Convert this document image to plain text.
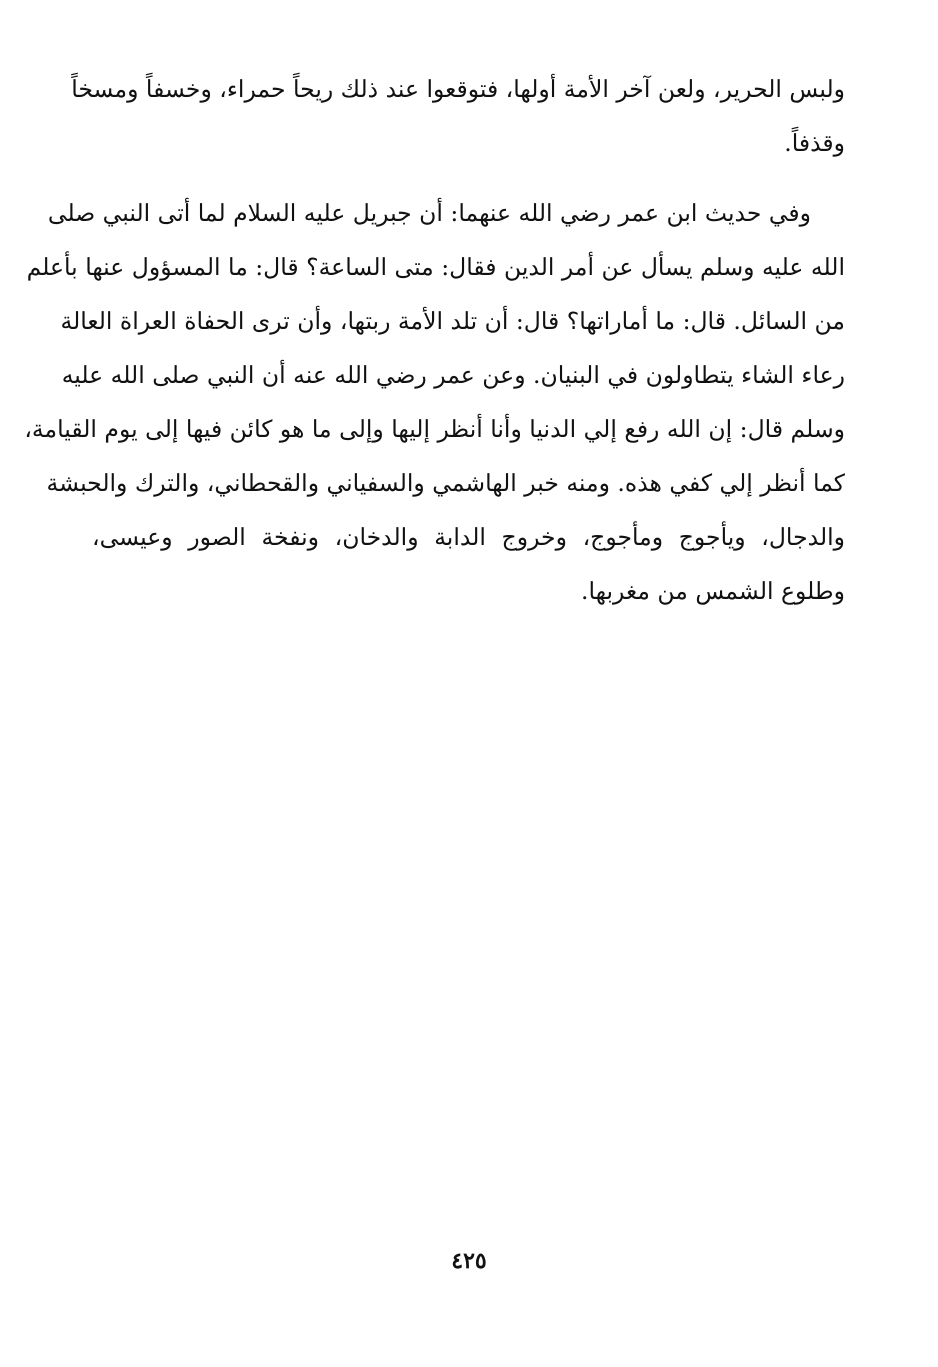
ولبس الحرير، ولعن آخر الأمة أولها، فتوقعوا عند ذلك ريحاً حمراء، وخسفاً ومسخاً
وقذفاً.
وفي حديث ابن عمر رضي الله عنهما: أن جبريل عليه السلام لما أتى النبي صلى
الله عليه وسلم يسأل عن أمر الدين فقال: متى الساعة؟ قال: ما المسؤول عنها بأعلم
من السائل. قال: ما أماراتها؟ قال: أن تلد الأمة ربتها، وأن ترى الحفاة العراة العالة
رعاء الشاء يتطاولون في البنيان. وعن عمر رضي الله عنه أن النبي صلى الله عليه
وسلم قال: إن الله رفع إلي الدنيا وأنا أنظر إليها وإلى ما هو كائن فيها إلى يوم القيامة،
كما أنظر إلي كفي هذه. ومنه خبر الهاشمي والسفياني والقحطاني، والترك والحبشة
والدجال، ويأجوج ومأجوج، وخروج الدابة والدخان، ونفخة الصور وعيسى،
وطلوع الشمس من مغربها.
٤٢٥
